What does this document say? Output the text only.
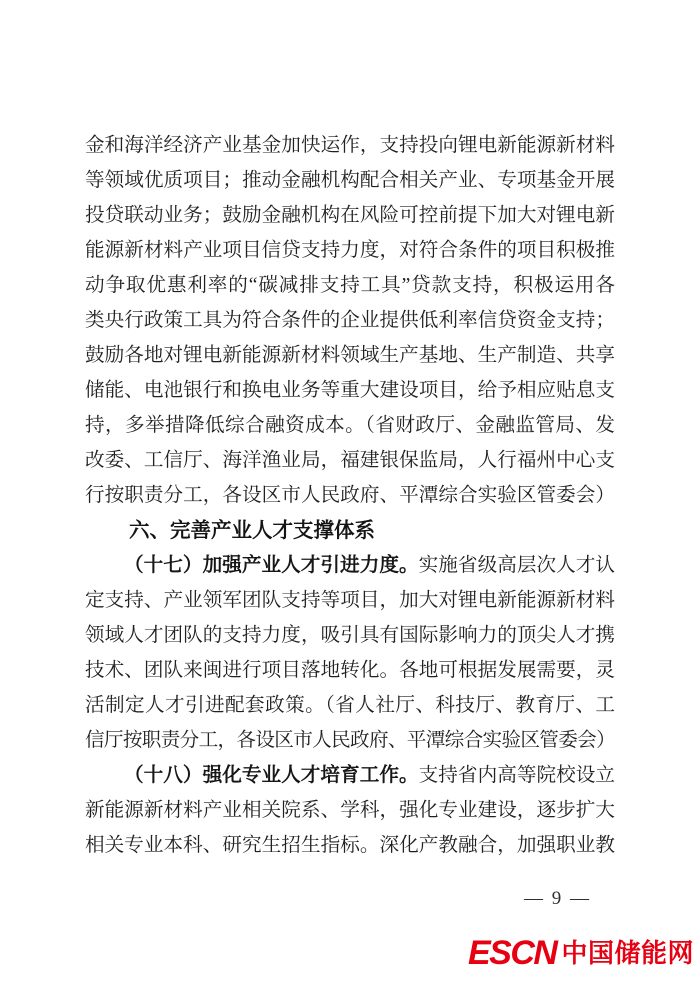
金和海洋经济产业基金加快运作，支持投向锂电新能源新材料
等领域优质项目；推动金融机构配合相关产业、专项基金开展
投贷联动业务；鼓励金融机构在风险可控前提下加大对锂电新
能源新材料产业项目信贷支持力度，对符合条件的项目积极推
动争取优惠利率的“碳减排支持工具”贷款支持，积极运用各
类央行政策工具为符合条件的企业提供低利率信贷资金支持；
鼓励各地对锂电新能源新材料领域生产基地、生产制造、共享
储能、电池银行和换电业务等重大建设项目，给予相应贴息支
持，多举措降低综合融资成本。（省财政厅、金融监管局、发
改委、工信厅、海洋渔业局，福建银保监局，人行福州中心支
行按职责分工，各设区市人民政府、平潭综合实验区管委会）
六、完善产业人才支撑体系
（十七）加强产业人才引进力度。实施省级高层次人才认
定支持、产业领军团队支持等项目，加大对锂电新能源新材料
领域人才团队的支持力度，吸引具有国际影响力的顶尖人才携
技术、团队来闽进行项目落地转化。各地可根据发展需要，灵
活制定人才引进配套政策。（省人社厅、科技厅、教育厅、工
信厅按职责分工，各设区市人民政府、平潭综合实验区管委会）
（十八）强化专业人才培育工作。支持省内高等院校设立
新能源新材料产业相关院系、学科，强化专业建设，逐步扩大
相关专业本科、研究生招生指标。深化产教融合，加强职业教
— 9 —
ESCN 中国储能网
